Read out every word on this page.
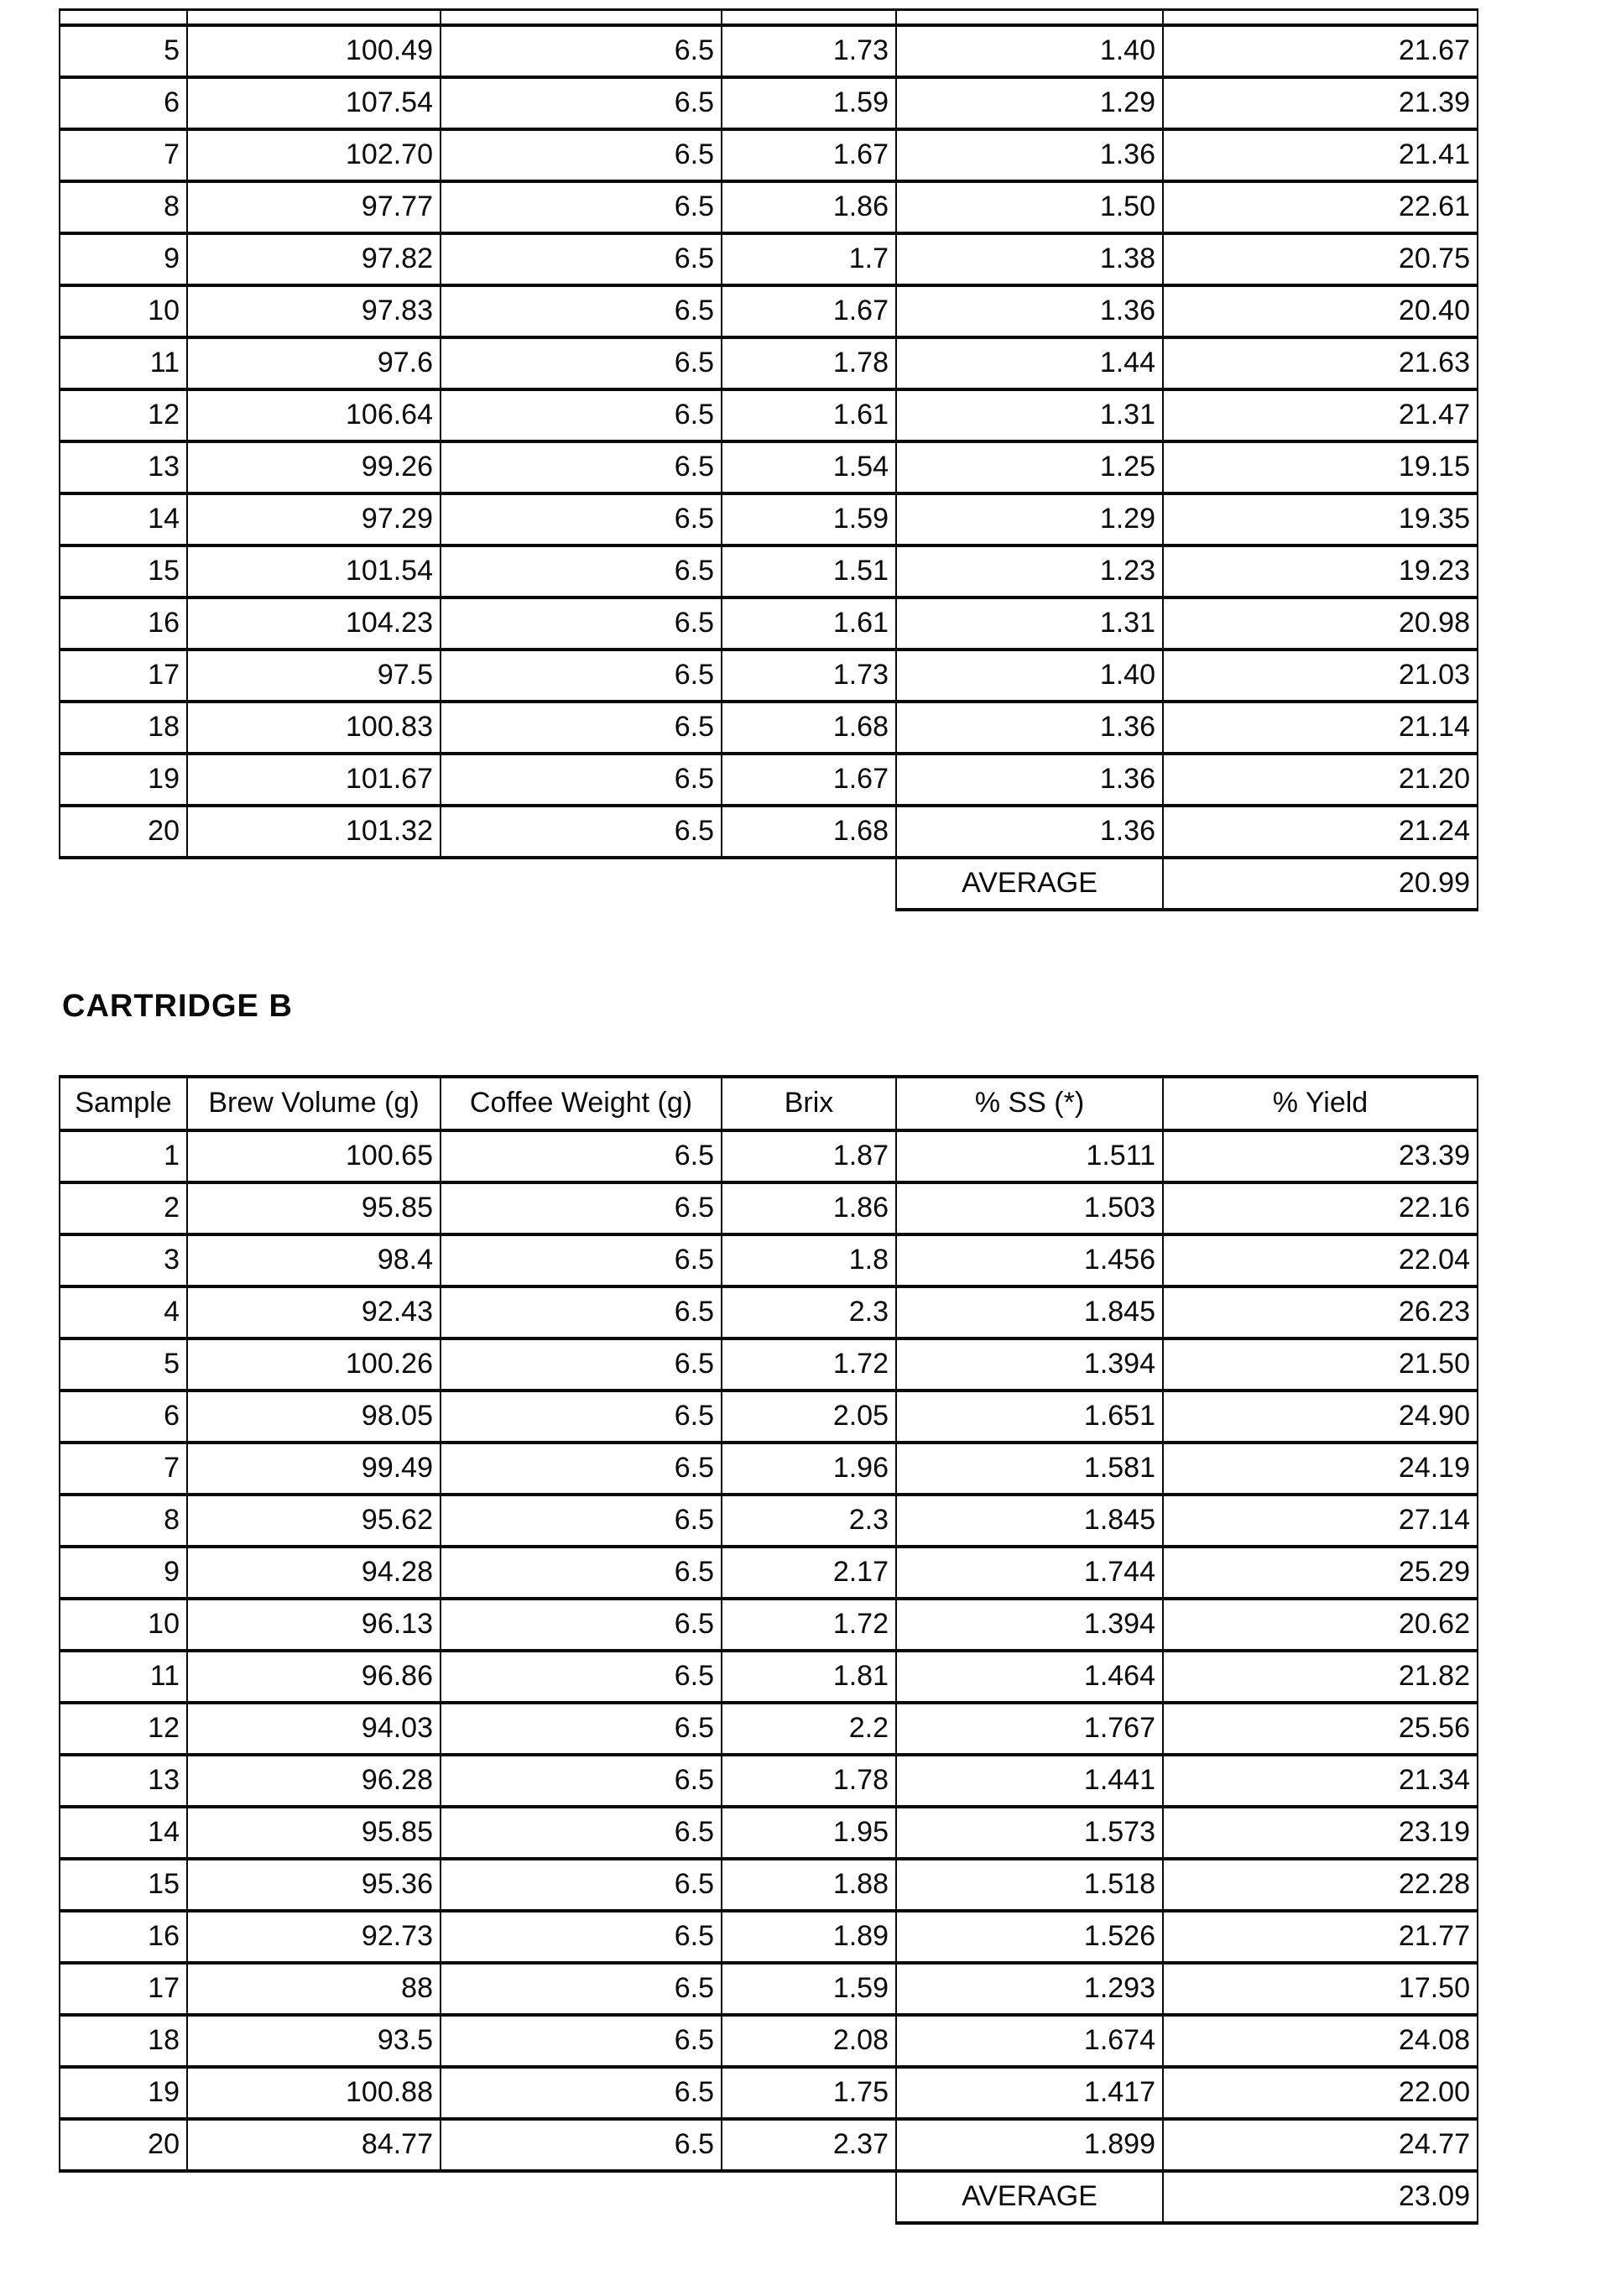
5	100.49	6.5	1.73	1.40	21.67
6	107.54	6.5	1.59	1.29	21.39
7	102.70	6.5	1.67	1.36	21.41
8	97.77	6.5	1.86	1.50	22.61
9	97.82	6.5	1.7	1.38	20.75
10	97.83	6.5	1.67	1.36	20.40
11	97.6	6.5	1.78	1.44	21.63
12	106.64	6.5	1.61	1.31	21.47
13	99.26	6.5	1.54	1.25	19.15
14	97.29	6.5	1.59	1.29	19.35
15	101.54	6.5	1.51	1.23	19.23
16	104.23	6.5	1.61	1.31	20.98
17	97.5	6.5	1.73	1.40	21.03
18	100.83	6.5	1.68	1.36	21.14
19	101.67	6.5	1.67	1.36	21.20
20	101.32	6.5	1.68	1.36	21.24
				AVERAGE	20.99
CARTRIDGE B
Sample	Brew Volume (g)	Coffee Weight (g)	Brix	% SS (*)	% Yield
1	100.65	6.5	1.87	1.511	23.39
2	95.85	6.5	1.86	1.503	22.16
3	98.4	6.5	1.8	1.456	22.04
4	92.43	6.5	2.3	1.845	26.23
5	100.26	6.5	1.72	1.394	21.50
6	98.05	6.5	2.05	1.651	24.90
7	99.49	6.5	1.96	1.581	24.19
8	95.62	6.5	2.3	1.845	27.14
9	94.28	6.5	2.17	1.744	25.29
10	96.13	6.5	1.72	1.394	20.62
11	96.86	6.5	1.81	1.464	21.82
12	94.03	6.5	2.2	1.767	25.56
13	96.28	6.5	1.78	1.441	21.34
14	95.85	6.5	1.95	1.573	23.19
15	95.36	6.5	1.88	1.518	22.28
16	92.73	6.5	1.89	1.526	21.77
17	88	6.5	1.59	1.293	17.50
18	93.5	6.5	2.08	1.674	24.08
19	100.88	6.5	1.75	1.417	22.00
20	84.77	6.5	2.37	1.899	24.77
				AVERAGE	23.09
